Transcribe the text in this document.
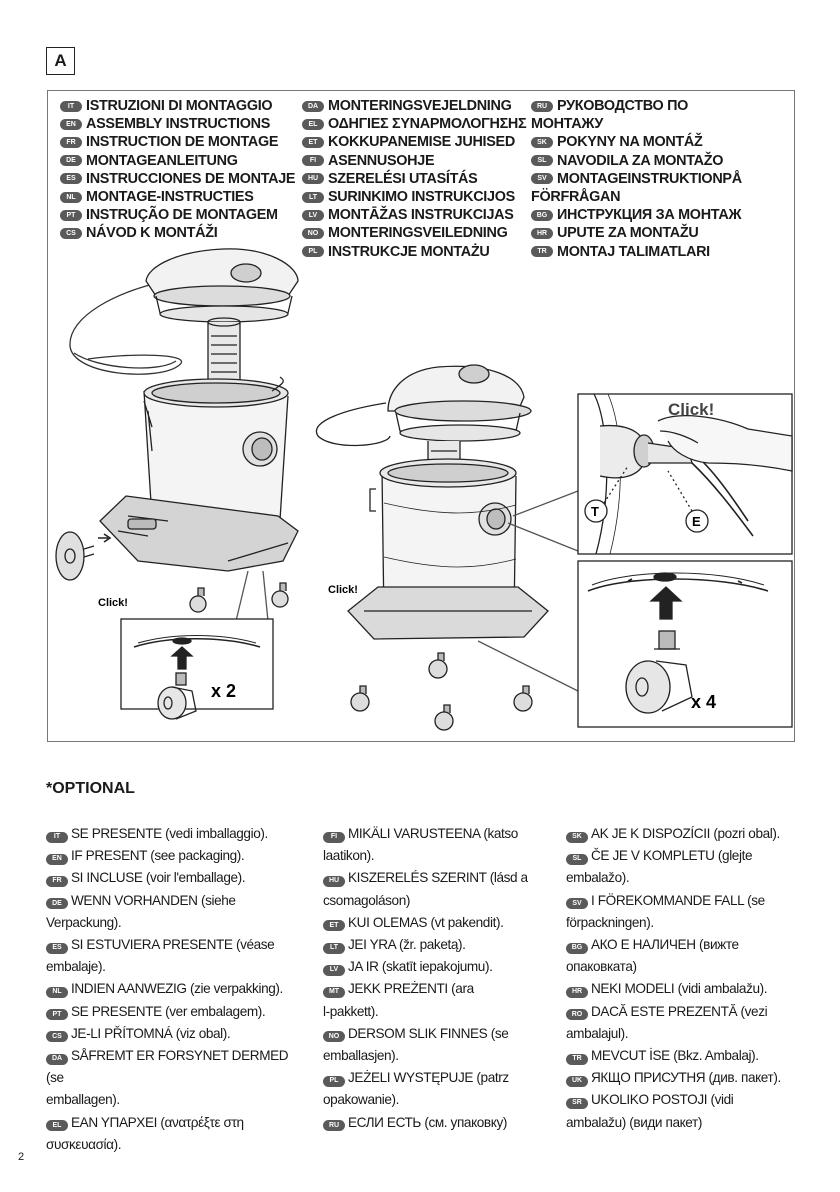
A
Click!
Click!
Click!
T
E
x 2
x 4
IT ISTRUZIONI DI MONTAGGIO
EN ASSEMBLY INSTRUCTIONS
FR INSTRUCTION DE MONTAGE
DE MONTAGEANLEITUNG
ES INSTRUCCIONES DE MONTAJE
NL MONTAGE-INSTRUCTIES
PT INSTRUÇÃO DE MONTAGEM
CS NÁVOD K MONTÁŽI
DA MONTERINGSVEJELDNING
EL ΟΔΗΓΙΕΣ ΣΥΝΑΡΜΟΛΟΓΗΣΗΣ
ET KOKKUPANEMISE JUHISED
FI ASENNUSOHJE
HU SZERELÉSI UTASÍTÁS
LT SURINKIMO INSTRUKCIJOS
LV MONTĀŽAS INSTRUKCIJAS
NO MONTERINGSVEILEDNING
PL INSTRUKCJE MONTAŻU
RU РУКОВОДСТВО ПО
МОНТАЖУ
SK POKYNY NA MONTÁŽ
SL NAVODILA ZA MONTAŽO
SV MONTAGEINSTRUKTIONPÅ
FÖRFRÅGAN
BG ИНСТРУКЦИЯ ЗА МОНТАЖ
HR UPUTE ZA MONTAŽU
TR MONTAJ TALIMATLARI
*OPTIONAL

IT SE PRESENTE (vedi imballaggio).

EN IF PRESENT (see packaging).

FR SI INCLUSE (voir l'emballage).

DE WENN VORHANDEN (siehe

Verpackung).

ES SI ESTUVIERA PRESENTE (véase

embalaje).

NL INDIEN AANWEZIG (zie verpakking).

PT SE PRESENTE (ver embalagem).

CS JE-LI PŘÍTOMNÁ (viz obal).

DA SÅFREMT ER FORSYNET DERMED (se

emballagen).

EL ΕΑΝ ΥΠΑΡΧΕΙ (ανατρέξτε στη

συσκευασία).

FI MIKÄLI VARUSTEENA (katso

laatikon).

HU KISZERELÉS SZERINT (lásd a

csomagoláson)

ET KUI OLEMAS (vt pakendit).

LT JEI YRA (žr. paketą).

LV JA IR (skatīt iepakojumu).

MT JEKK PREŻENTI (ara

l-pakkett).

NO DERSOM SLIK FINNES (se

emballasjen).

PL JEŻELI WYSTĘPUJE (patrz

opakowanie).

RU ЕСЛИ ЕСТЬ (см. упаковку)

SK AK JE K DISPOZÍCII (pozri obal).

SL ČE JE V KOMPLETU (glejte

embalažo).

SV I FÖREKOMMANDE FALL (se

förpackningen).

BG АКО Е НАЛИЧЕН (вижте

опаковката)

HR NEKI MODELI (vidi ambalažu).

RO DACĂ ESTE PREZENTĂ (vezi

ambalajul).

TR MEVCUT İSE (Bkz. Ambalaj).

UK ЯКЩО ПРИСУТНЯ (див. пакет).

SR UKOLIKO POSTOJI (vidi

ambalažu) (види пакет)

2
